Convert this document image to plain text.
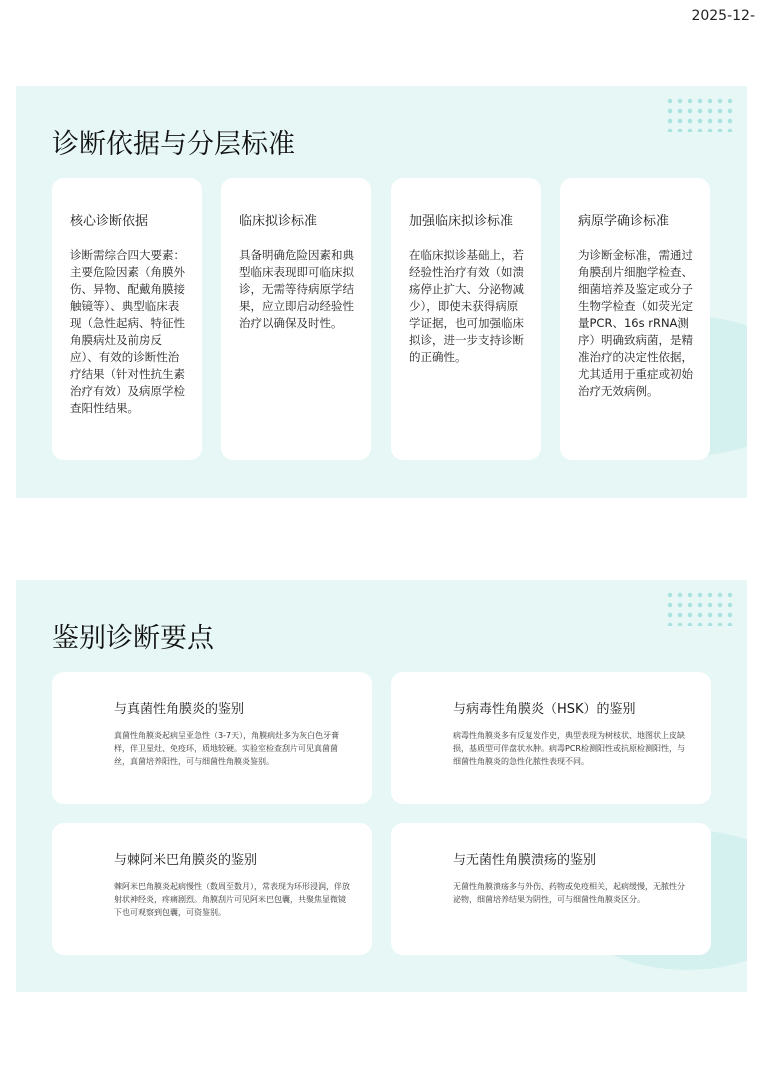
2025-12-
诊断依据与分层标准

核心诊断依据

诊断需综合四大要素：主要危险因素（角膜外伤、异物、配戴角膜接触镜等）、典型临床表现（急性起病、特征性角膜病灶及前房反应）、有效的诊断性治疗结果（针对性抗生素治疗有效）及病原学检查阳性结果。

临床拟诊标准

具备明确危险因素和典型临床表现即可临床拟诊，无需等待病原学结果，应立即启动经验性治疗以确保及时性。

加强临床拟诊标准

在临床拟诊基础上，若经验性治疗有效（如溃疡停止扩大、分泌物减少），即使未获得病原学证据，也可加强临床拟诊，进一步支持诊断的正确性。

病原学确诊标准

为诊断金标准，需通过角膜刮片细胞学检查、细菌培养及鉴定或分子生物学检查（如荧光定量PCR、16s rRNA测序）明确致病菌，是精准治疗的决定性依据，尤其适用于重症或初始治疗无效病例。

鉴别诊断要点

与真菌性角膜炎的鉴别

真菌性角膜炎起病呈亚急性（3-7天），角膜病灶多为灰白色牙膏样，伴卫星灶、免疫环，质地较硬。实验室检查刮片可见真菌菌丝，真菌培养阳性，可与细菌性角膜炎鉴别。

与病毒性角膜炎（HSK）的鉴别

病毒性角膜炎多有反复发作史，典型表现为树枝状、地图状上皮缺损，基质型可伴盘状水肿。病毒PCR检测阳性或抗原检测阳性，与细菌性角膜炎的急性化脓性表现不同。

与棘阿米巴角膜炎的鉴别

棘阿米巴角膜炎起病慢性（数周至数月），常表现为环形浸润，伴放射状神经炎，疼痛剧烈。角膜刮片可见阿米巴包囊，共聚焦显微镜下也可观察到包囊，可资鉴别。

与无菌性角膜溃疡的鉴别

无菌性角膜溃疡多与外伤、药物或免疫相关，起病缓慢，无脓性分泌物，细菌培养结果为阴性，可与细菌性角膜炎区分。
